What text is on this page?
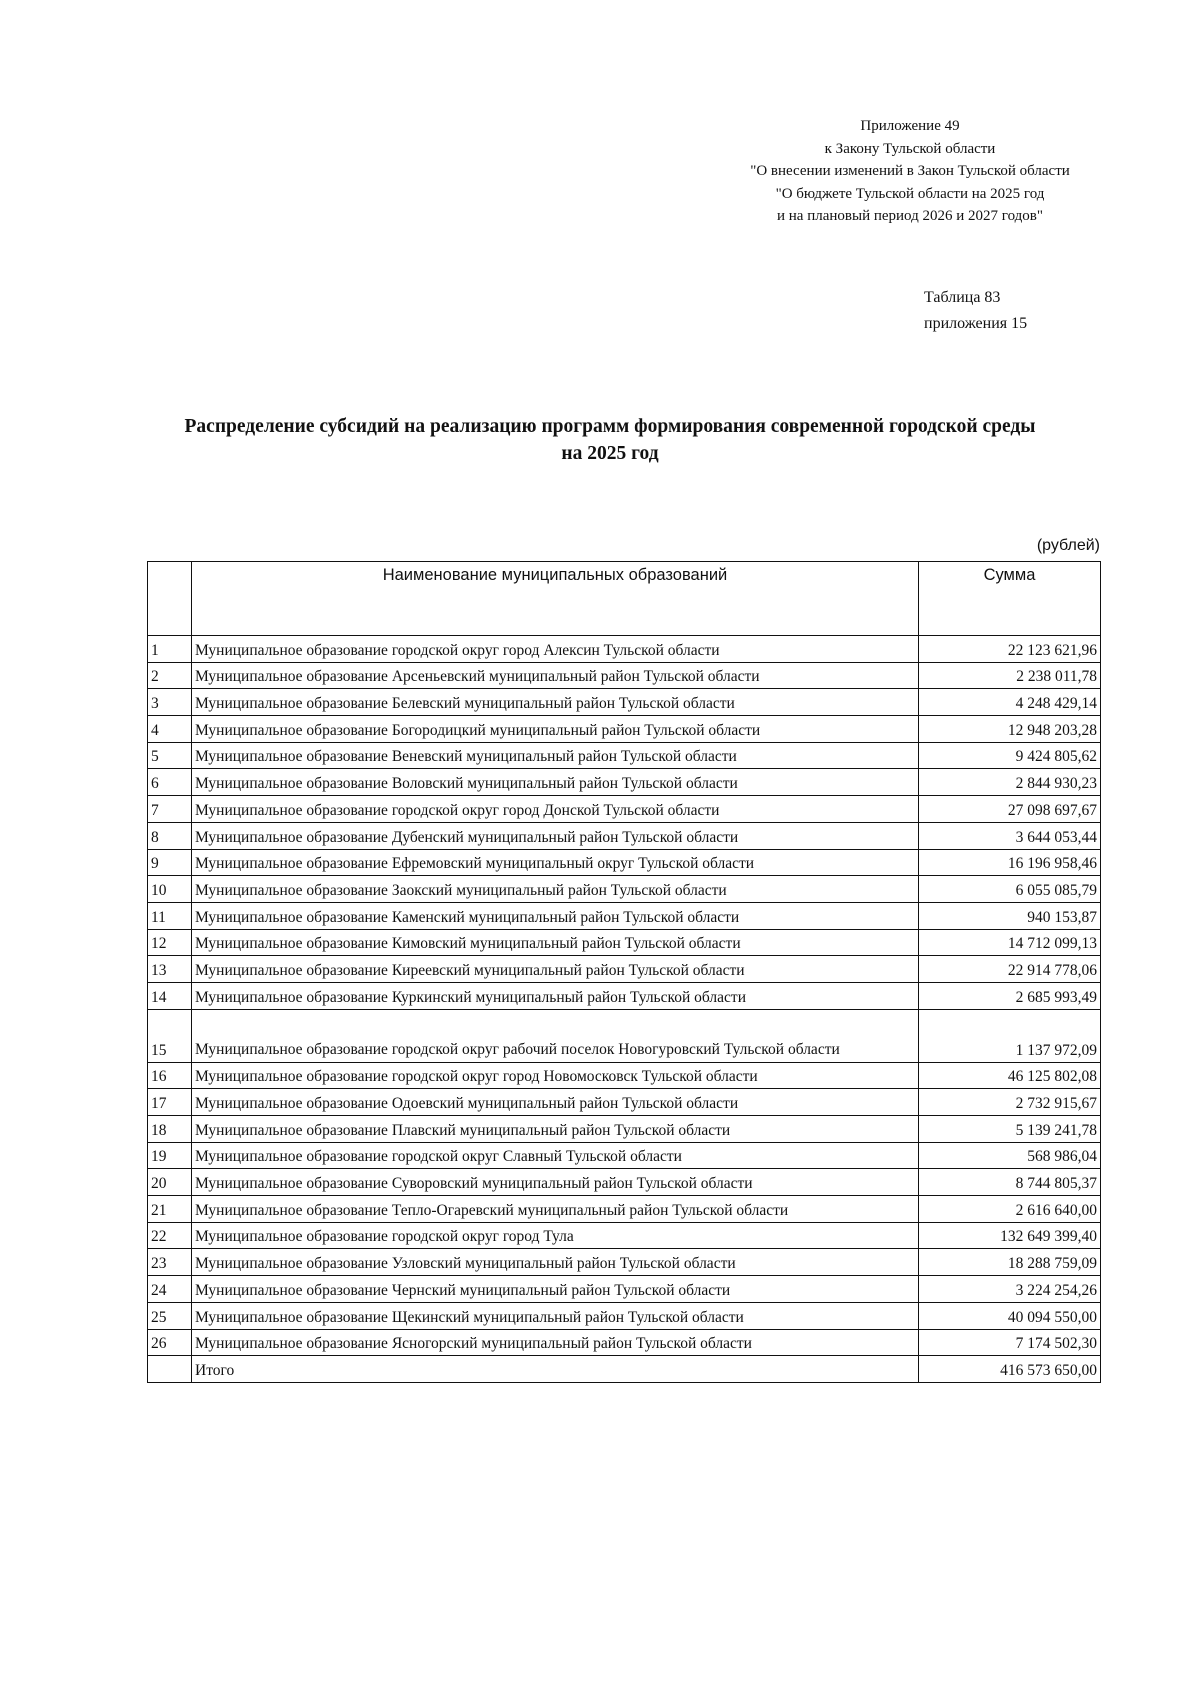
Приложение 49
к Закону Тульской области
"О внесении изменений в Закон Тульской области
"О бюджете Тульской области на 2025 год
и на плановый период 2026 и 2027 годов"
Таблица 83
приложения 15
Распределение субсидий на реализацию программ формирования современной городской среды
на 2025 год
(рублей)
	Наименование муниципальных образований	Сумма
1	Муниципальное образование городской округ город Алексин Тульской области	22 123 621,96
2	Муниципальное образование Арсеньевский муниципальный район Тульской области	2 238 011,78
3	Муниципальное образование Белевский муниципальный район Тульской области	4 248 429,14
4	Муниципальное образование Богородицкий муниципальный район Тульской области	12 948 203,28
5	Муниципальное образование Веневский муниципальный район Тульской области	9 424 805,62
6	Муниципальное образование Воловский муниципальный район Тульской области	2 844 930,23
7	Муниципальное образование городской округ город Донской Тульской области	27 098 697,67
8	Муниципальное образование Дубенский муниципальный район Тульской области	3 644 053,44
9	Муниципальное образование Ефремовский муниципальный округ Тульской области	16 196 958,46
10	Муниципальное образование Заокский муниципальный район Тульской области	6 055 085,79
11	Муниципальное образование Каменский муниципальный район Тульской области	940 153,87
12	Муниципальное образование Кимовский муниципальный район Тульской области	14 712 099,13
13	Муниципальное образование Киреевский муниципальный район Тульской области	22 914 778,06
14	Муниципальное образование Куркинский муниципальный район Тульской области	2 685 993,49
15	Муниципальное образование городской округ рабочий поселок Новогуровский Тульской области	1 137 972,09
16	Муниципальное образование городской округ город Новомосковск Тульской области	46 125 802,08
17	Муниципальное образование Одоевский муниципальный район Тульской области	2 732 915,67
18	Муниципальное образование Плавский муниципальный район Тульской области	5 139 241,78
19	Муниципальное образование городской округ Славный Тульской области	568 986,04
20	Муниципальное образование Суворовский муниципальный район Тульской области	8 744 805,37
21	Муниципальное образование Тепло-Огаревский муниципальный район Тульской области	2 616 640,00
22	Муниципальное образование городской округ город Тула	132 649 399,40
23	Муниципальное образование Узловский муниципальный район Тульской области	18 288 759,09
24	Муниципальное образование Чернский муниципальный район Тульской области	3 224 254,26
25	Муниципальное образование Щекинский муниципальный район Тульской области	40 094 550,00
26	Муниципальное образование Ясногорский муниципальный район Тульской области	7 174 502,30
	Итого	416 573 650,00
